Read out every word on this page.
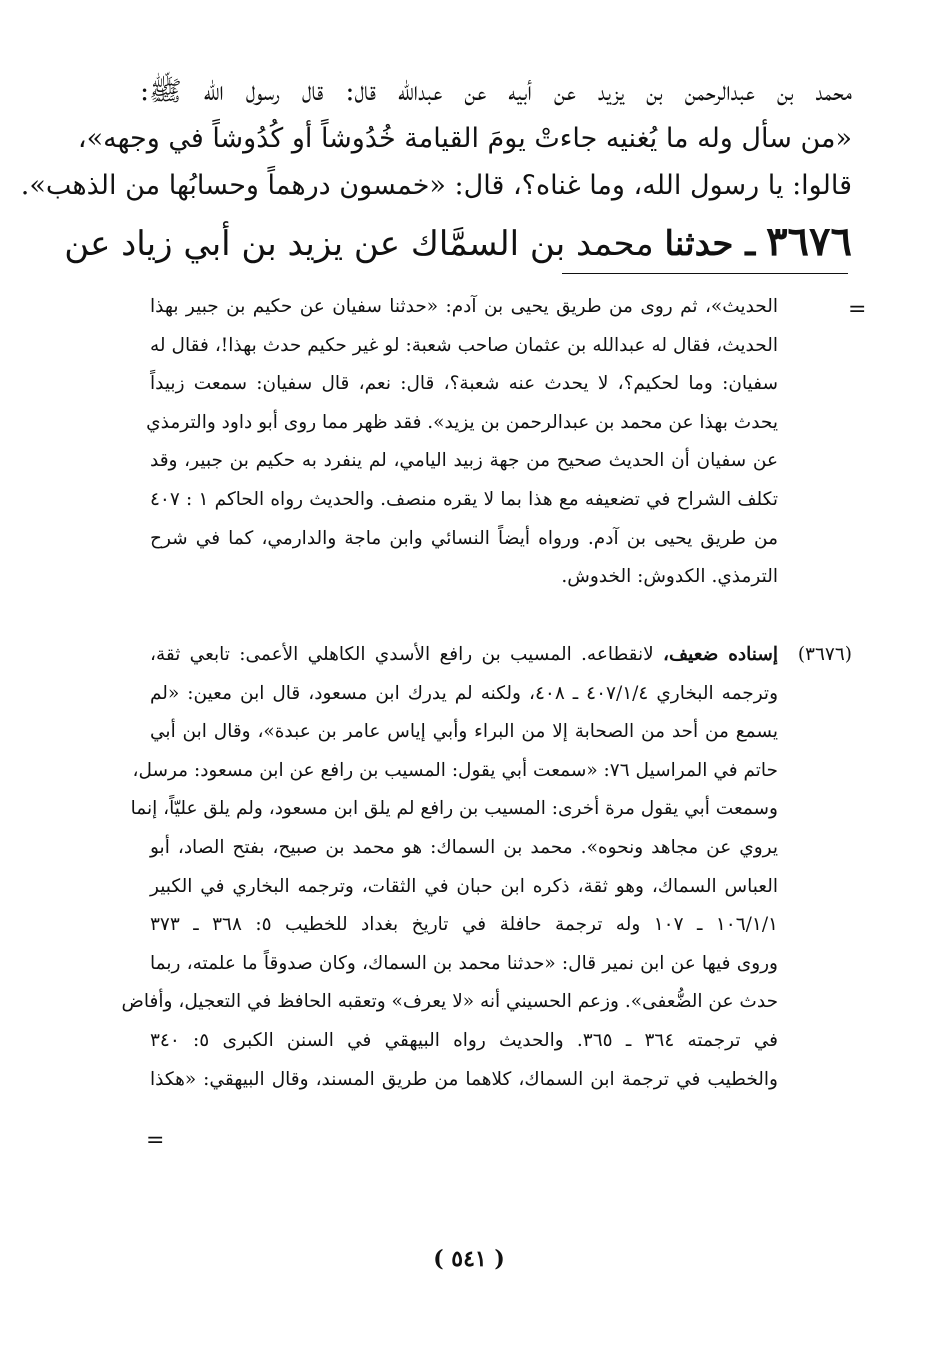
محمد بن عبدالرحمن بن يزيد عن أبيه عن عبدالله قال: قال رسول الله ﷺ:
«من سأل وله ما يُغنيه جاءتْ يومَ القيامة خُدُوشاً أو كُدُوشاً في وجهه»،
قالوا: يا رسول الله، وما غناه؟، قال: «خمسون درهماً وحسابُها من الذهب».
٣٦٧٦ ـ حدثنا محمد بن السمَّاك عن يزيد بن أبي زياد عن
=
الحديث»، ثم روى من طريق يحيى بن آدم: «حدثنا سفيان عن حكيم بن جبير بهذا
الحديث، فقال له عبدالله بن عثمان صاحب شعبة: لو غير حكيم حدث بهذا!، فقال له
سفيان: وما لحكيم؟، لا يحدث عنه شعبة؟، قال: نعم، قال سفيان: سمعت زبيداً
يحدث بهذا عن محمد بن عبدالرحمن بن يزيد». فقد ظهر مما روى أبو داود والترمذي
عن سفيان أن الحديث صحيح من جهة زبيد اليامي، لم ينفرد به حكيم بن جبير، وقد
تكلف الشراح في تضعيفه مع هذا بما لا يقره منصف. والحديث رواه الحاكم ١ : ٤٠٧
من طريق يحيى بن آدم. ورواه أيضاً النسائي وابن ماجة والدارمي، كما في شرح
الترمذي. الكدوش: الخدوش.
(٣٦٧٦)
إسناده ضعيف، لانقطاعه. المسيب بن رافع الأسدي الكاهلي الأعمى: تابعي ثقة،
وترجمه البخاري ٤٠٧/١/٤ ـ ٤٠٨، ولكنه لم يدرك ابن مسعود، قال ابن معين: «لم
يسمع من أحد من الصحابة إلا من البراء وأبي إياس عامر بن عبدة»، وقال ابن أبي
حاتم في المراسيل ٧٦: «سمعت أبي يقول: المسيب بن رافع عن ابن مسعود: مرسل،
وسمعت أبي يقول مرة أخرى: المسيب بن رافع لم يلق ابن مسعود، ولم يلق عليّاً، إنما
يروي عن مجاهد ونحوه». محمد بن السماك: هو محمد بن صبيح، بفتح الصاد، أبو
العباس السماك، وهو ثقة، ذكره ابن حبان في الثقات، وترجمه البخاري في الكبير
١٠٦/١/١ ـ ١٠٧ وله ترجمة حافلة في تاريخ بغداد للخطيب ٥: ٣٦٨ ـ ٣٧٣
وروى فيها عن ابن نمير قال: «حدثنا محمد بن السماك، وكان صدوقاً ما علمته، ربما
حدث عن الضُّعفى». وزعم الحسيني أنه «لا يعرف» وتعقبه الحافظ في التعجيل، وأفاض
في ترجمته ٣٦٤ ـ ٣٦٥. والحديث رواه البيهقي في السنن الكبرى ٥: ٣٤٠
والخطيب في ترجمة ابن السماك، كلاهما من طريق المسند، وقال البيهقي: «هكذا
=
( ٥٤١ )
